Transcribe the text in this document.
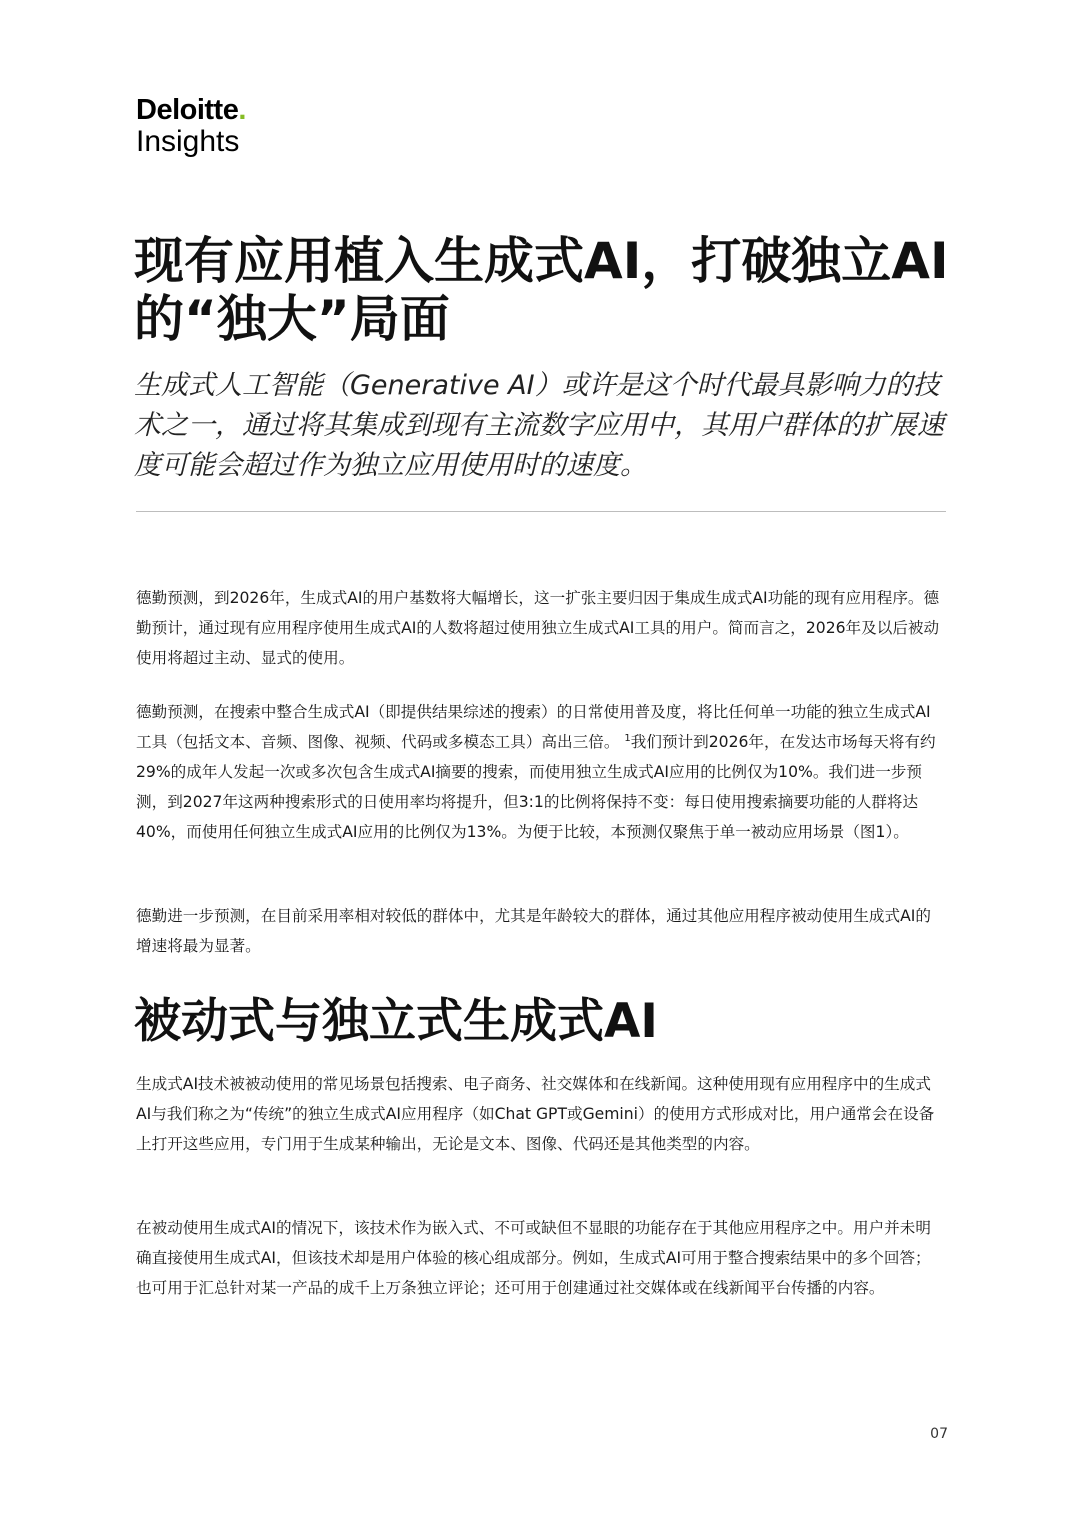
Deloitte.
Insights
现有应用植入生成式AI，打破独立AI的“独大”局面

生成式人工智能（Generative AI）或许是这个时代最具影响力的技术之一，通过将其集成到现有主流数字应用中，其用户群体的扩展速度可能会超过作为独立应用使用时的速度。

德勤预测，到2026年，生成式AI的用户基数将大幅增长，这一扩张主要归因于集成生成式AI功能的现有应用程序。德勤预计，通过现有应用程序使用生成式AI的人数将超过使用独立生成式AI工具的用户。简而言之，2026年及以后被动使用将超过主动、显式的使用。

德勤预测，在搜索中整合生成式AI（即提供结果综述的搜索）的日常使用普及度，将比任何单一功能的独立生成式AI工具（包括文本、音频、图像、视频、代码或多模态工具）高出三倍。 $^1$我们预计到2026年，在发达市场每天将有约29%的成年人发起一次或多次包含生成式AI摘要的搜索，而使用独立生成式AI应用的比例仅为10%。我们进一步预测，到2027年这两种搜索形式的日使用率均将提升，但3:1的比例将保持不变：每日使用搜索摘要功能的人群将达40%，而使用任何独立生成式AI应用的比例仅为13%。为便于比较，本预测仅聚焦于单一被动应用场景（图1）。

德勤进一步预测，在目前采用率相对较低的群体中，尤其是年龄较大的群体，通过其他应用程序被动使用生成式AI的增速将最为显著。

被动式与独立式生成式AI

生成式AI技术被被动使用的常见场景包括搜索、电子商务、社交媒体和在线新闻。这种使用现有应用程序中的生成式AI与我们称之为“传统”的独立生成式AI应用程序（如Chat GPT或Gemini）的使用方式形成对比，用户通常会在设备上打开这些应用，专门用于生成某种输出，无论是文本、图像、代码还是其他类型的内容。

在被动使用生成式AI的情况下，该技术作为嵌入式、不可或缺但不显眼的功能存在于其他应用程序之中。用户并未明确直接使用生成式AI，但该技术却是用户体验的核心组成部分。例如，生成式AI可用于整合搜索结果中的多个回答；也可用于汇总针对某一产品的成千上万条独立评论；还可用于创建通过社交媒体或在线新闻平台传播的内容。

07
